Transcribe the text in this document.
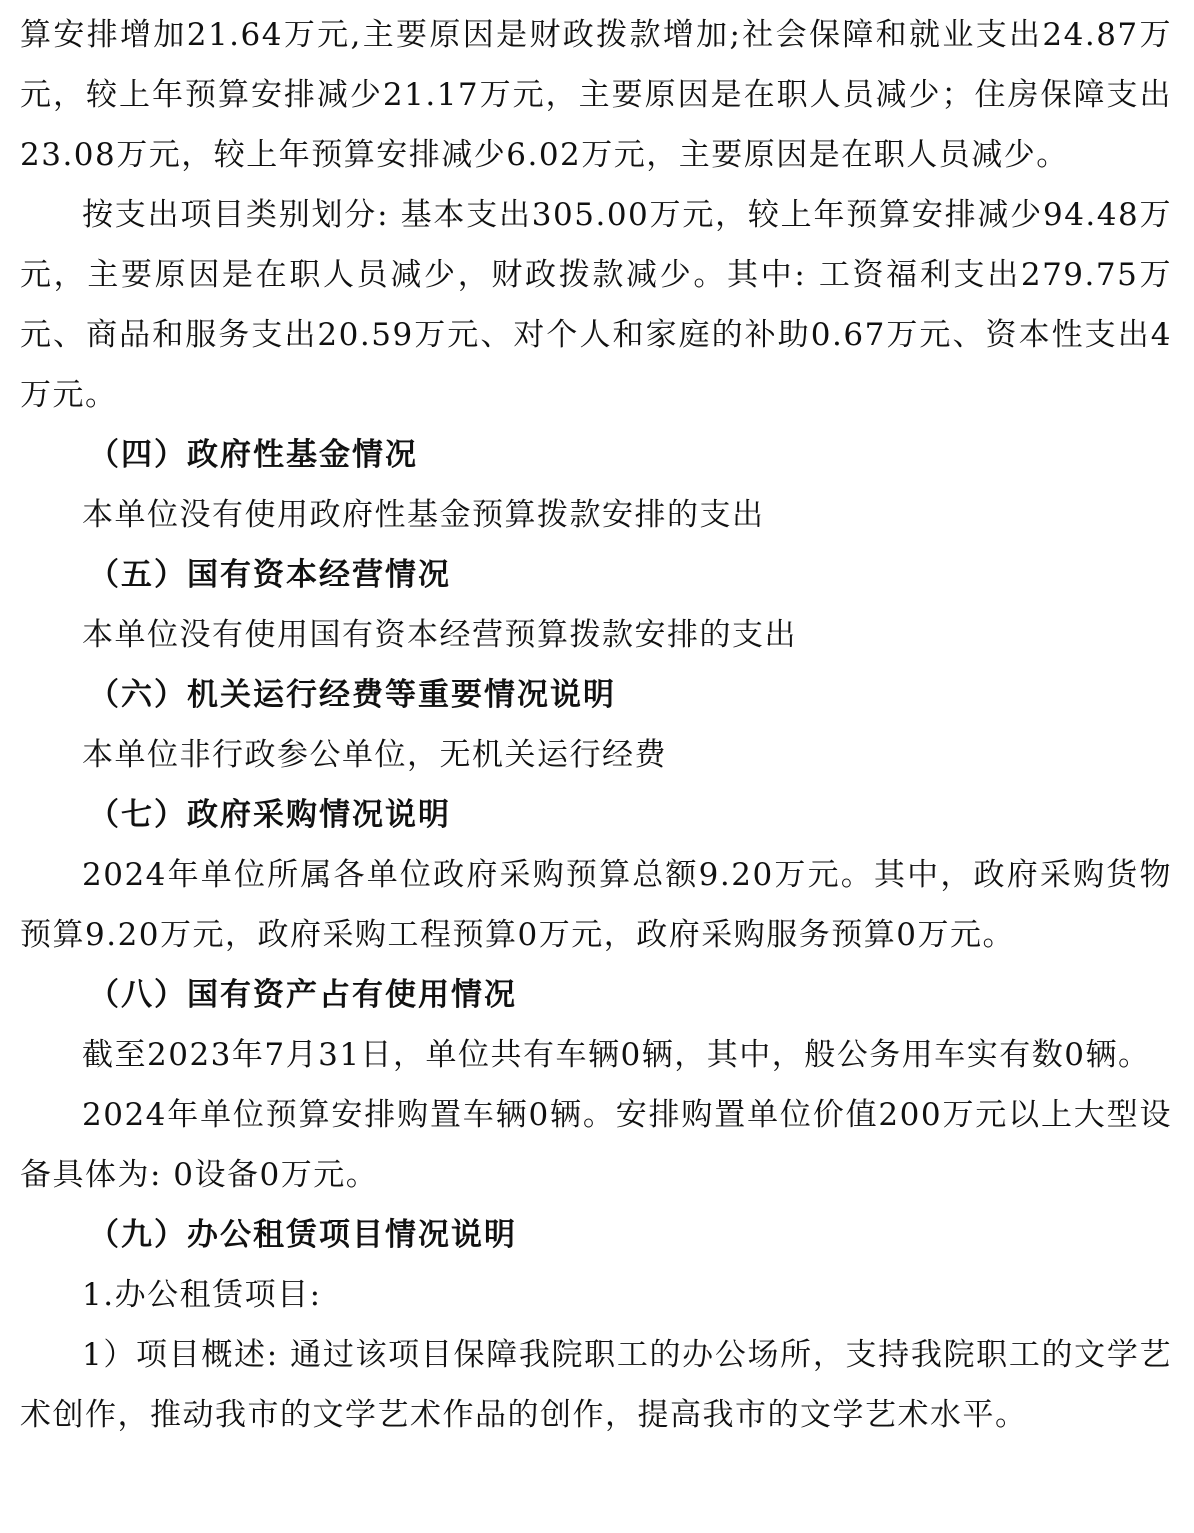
算安排增加21.64万元,主要原因是财政拨款增加;社会保障和就业支出24.87万元，较上年预算安排减少21.17万元，主要原因是在职人员减少；住房保障支出23.08万元，较上年预算安排减少6.02万元，主要原因是在职人员减少。

按支出项目类别划分: 基本支出305.00万元，较上年预算安排减少94.48万元，主要原因是在职人员减少，财政拨款减少。其中: 工资福利支出279.75万元、商品和服务支出20.59万元、对个人和家庭的补助0.67万元、资本性支出4万元。

（四）政府性基金情况

本单位没有使用政府性基金预算拨款安排的支出

（五）国有资本经营情况

本单位没有使用国有资本经营预算拨款安排的支出

（六）机关运行经费等重要情况说明

本单位非行政参公单位，无机关运行经费

（七）政府采购情况说明

2024年单位所属各单位政府采购预算总额9.20万元。其中，政府采购货物预算9.20万元，政府采购工程预算0万元，政府采购服务预算0万元。

（八）国有资产占有使用情况

截至2023年7月31日，单位共有车辆0辆，其中，般公务用车实有数0辆。

2024年单位预算安排购置车辆0辆。安排购置单位价值200万元以上大型设备具体为: 0设备0万元。

（九）办公租赁项目情况说明

1.办公租赁项目:

1）项目概述: 通过该项目保障我院职工的办公场所，支持我院职工的文学艺术创作，推动我市的文学艺术作品的创作，提高我市的文学艺术水平。
